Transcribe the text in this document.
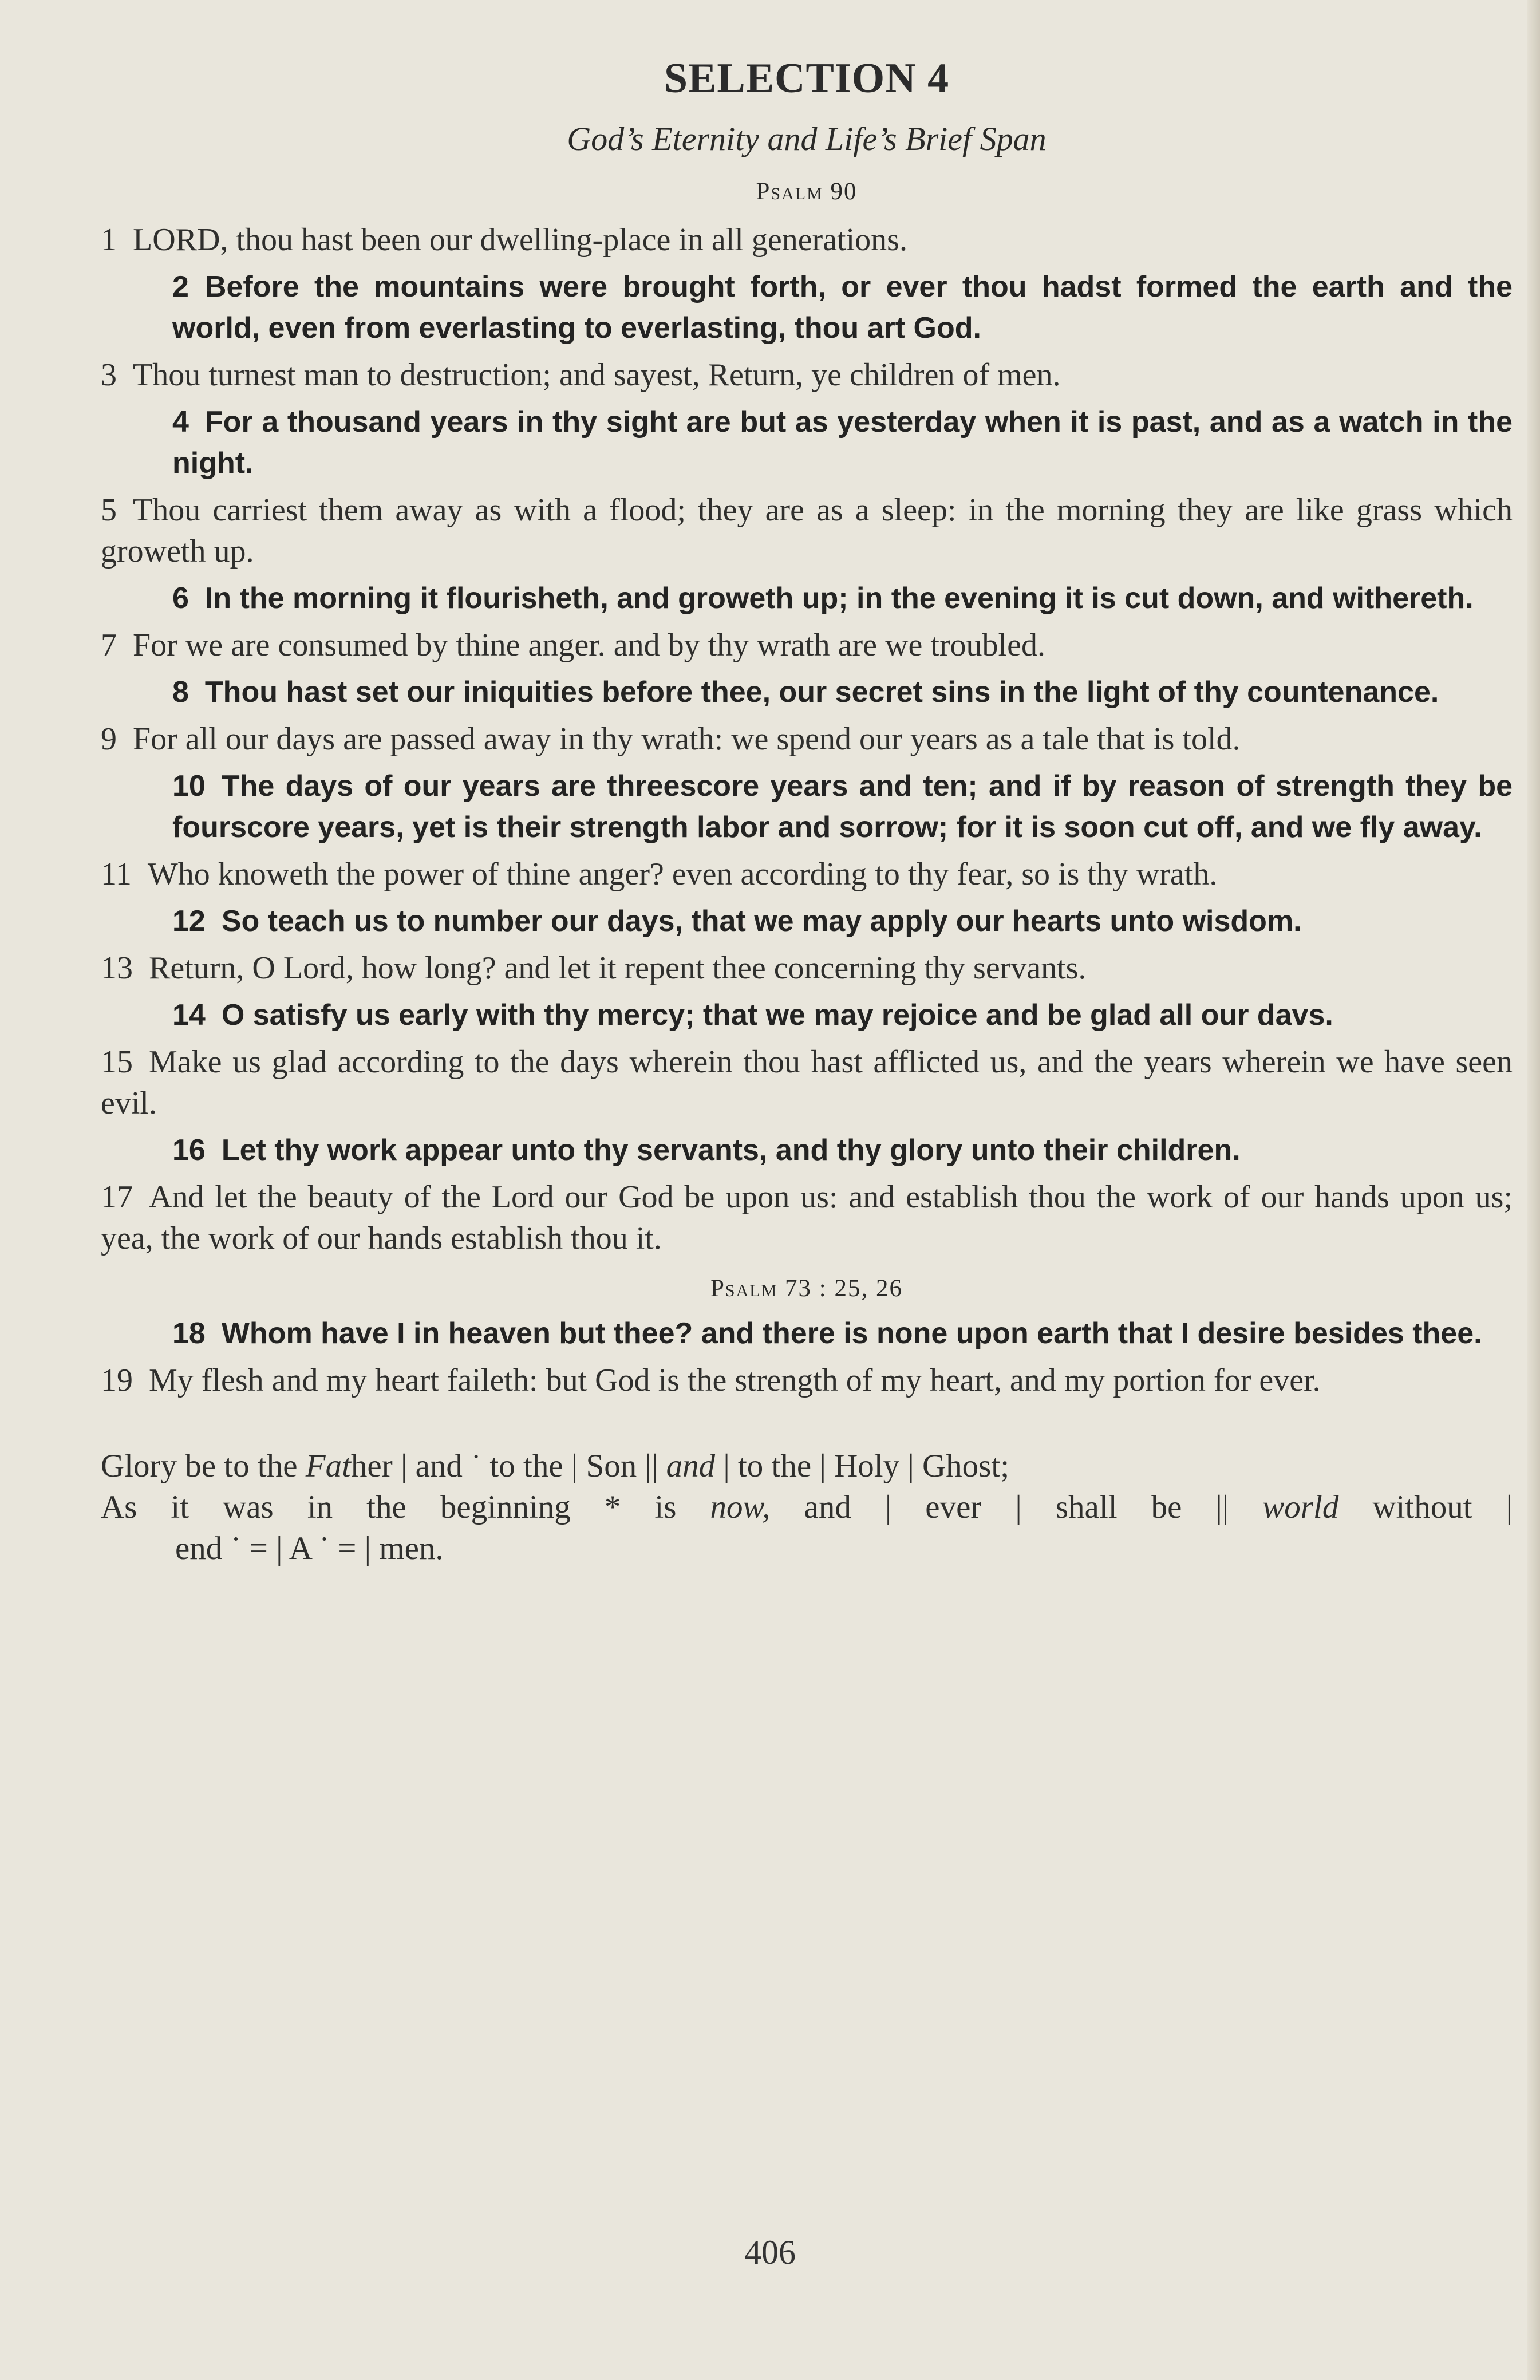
SELECTION 4
God’s Eternity and Life’s Brief Span
Psalm 90

1 LORD, thou hast been our dwelling-place in all generations.

2 Before the mountains were brought forth, or ever thou hadst formed the earth and the world, even from everlasting to everlasting, thou art God.

3 Thou turnest man to destruction; and sayest, Return, ye children of men.

4 For a thousand years in thy sight are but as yesterday when it is past, and as a watch in the night.

5 Thou carriest them away as with a flood; they are as a sleep: in the morning they are like grass which groweth up.

6 In the morning it flourisheth, and groweth up; in the evening it is cut down, and withereth.

7 For we are consumed by thine anger. and by thy wrath are we troubled.

8 Thou hast set our iniquities before thee, our secret sins in the light of thy countenance.

9 For all our days are passed away in thy wrath: we spend our years as a tale that is told.

10 The days of our years are threescore years and ten; and if by reason of strength they be fourscore years, yet is their strength labor and sorrow; for it is soon cut off, and we fly away.

11 Who knoweth the power of thine anger? even according to thy fear, so is thy wrath.

12 So teach us to number our days, that we may apply our hearts unto wisdom.

13 Return, O Lord, how long? and let it repent thee concerning thy servants.

14 O satisfy us early with thy mercy; that we may rejoice and be glad all our davs.

15 Make us glad according to the days wherein thou hast afflicted us, and the years wherein we have seen evil.

16 Let thy work appear unto thy servants, and thy glory unto their children.

17 And let the beauty of the Lord our God be upon us: and establish thou the work of our hands upon us; yea, the work of our hands establish thou it.

Psalm 73 : 25, 26

18 Whom have I in heaven but thee? and there is none upon earth that I desire besides thee.

19 My flesh and my heart faileth: but God is the strength of my heart, and my portion for ever.

Glory be to the Father | and ˙ to the | Son || and | to the | Holy | Ghost;
As it was in the beginning * is now, and | ever | shall be || world without |
end ˙ = | A ˙ = | men.
406
